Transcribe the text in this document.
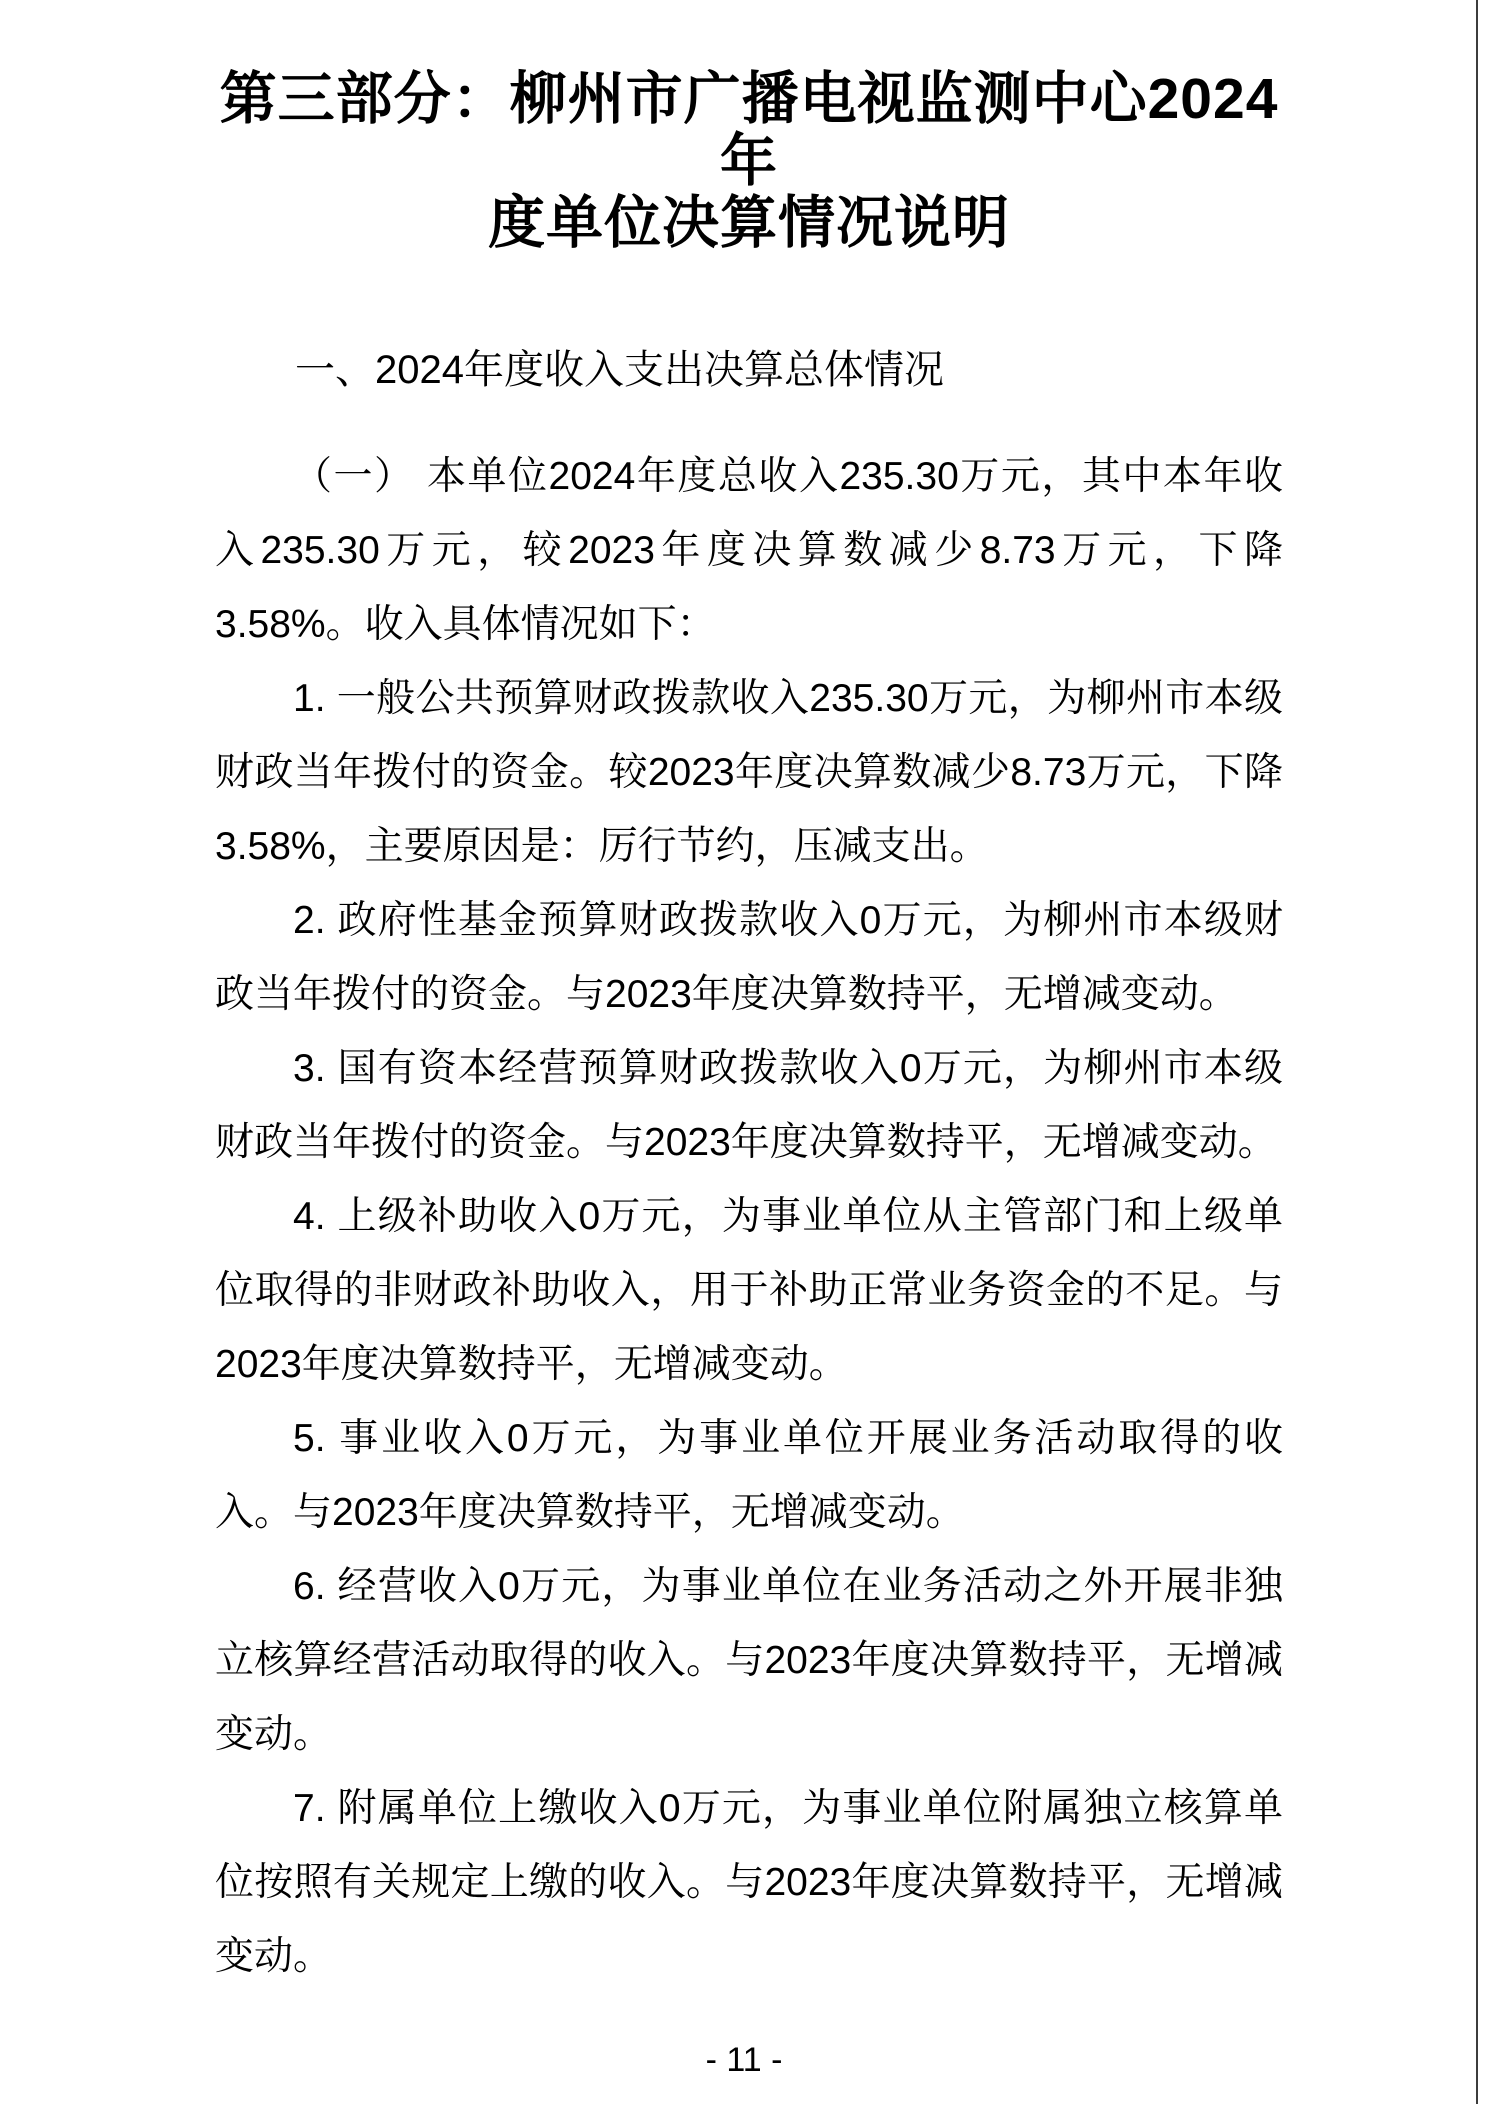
第三部分：柳州市广播电视监测中心2024年
度单位决算情况说明
一、2024年度收入支出决算总体情况

（一） 本单位2024年度总收入235.30万元，其中本年收入235.30万元，较2023年度决算数减少8.73万元，下降3.58%。收入具体情况如下：

1. 一般公共预算财政拨款收入235.30万元，为柳州市本级财政当年拨付的资金。较2023年度决算数减少8.73万元，下降3.58%，主要原因是：厉行节约，压减支出。

2. 政府性基金预算财政拨款收入0万元，为柳州市本级财政当年拨付的资金。与2023年度决算数持平，无增减变动。

3. 国有资本经营预算财政拨款收入0万元，为柳州市本级财政当年拨付的资金。与2023年度决算数持平，无增减变动。

4. 上级补助收入0万元，为事业单位从主管部门和上级单位取得的非财政补助收入，用于补助正常业务资金的不足。与2023年度决算数持平，无增减变动。

5. 事业收入0万元，为事业单位开展业务活动取得的收入。与2023年度决算数持平，无增减变动。

6. 经营收入0万元，为事业单位在业务活动之外开展非独立核算经营活动取得的收入。与2023年度决算数持平，无增减变动。

7. 附属单位上缴收入0万元，为事业单位附属独立核算单位按照有关规定上缴的收入。与2023年度决算数持平，无增减变动。

- 11 -
